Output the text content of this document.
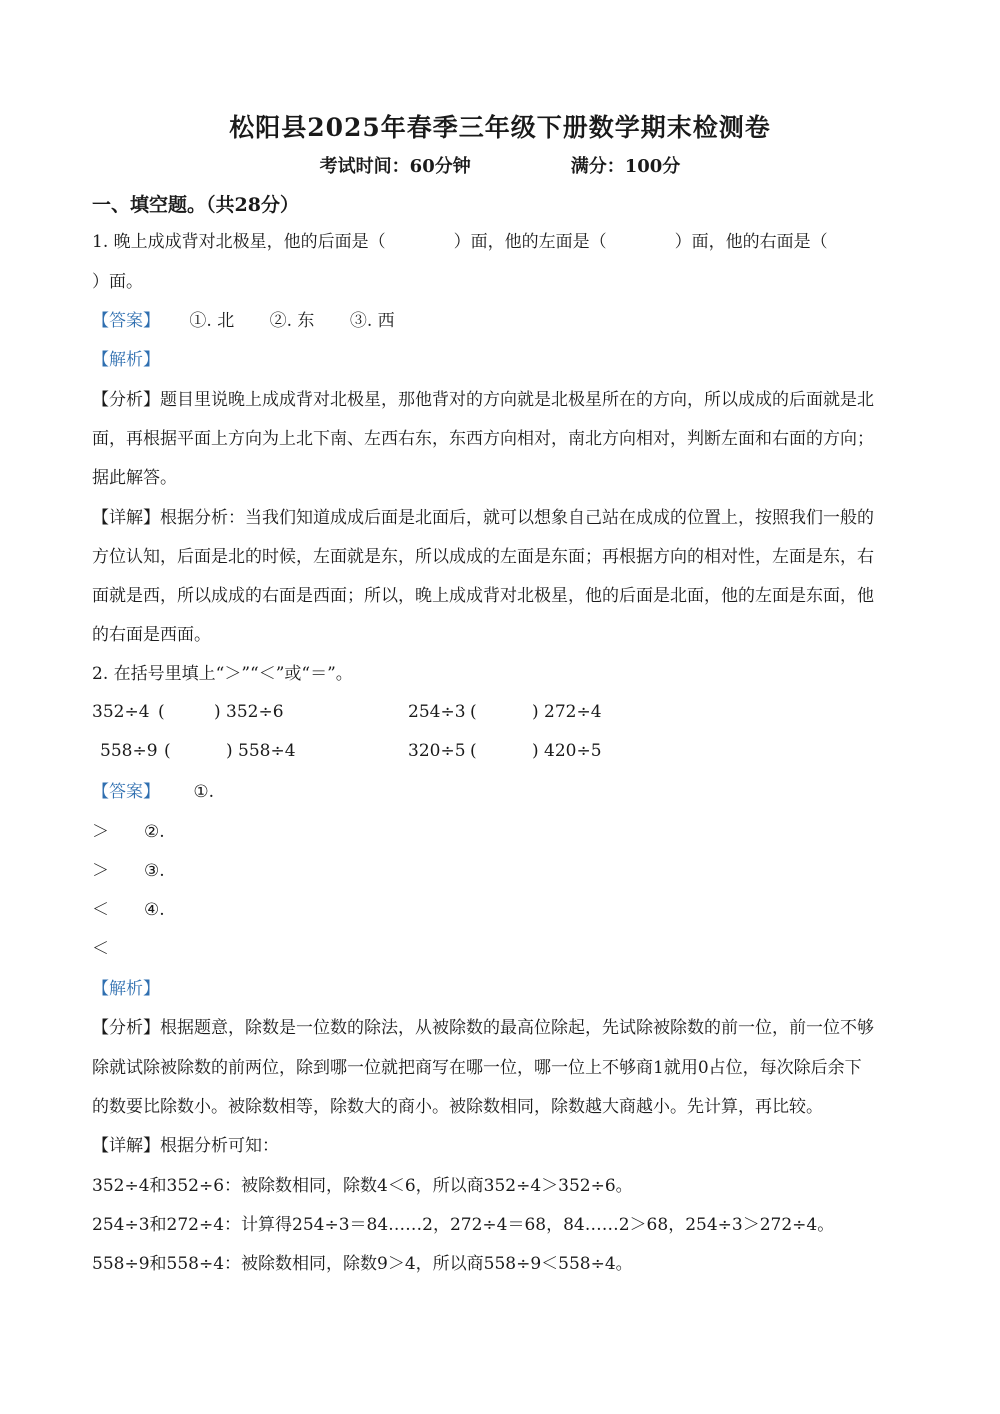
松阳县2025年春季三年级下册数学期末检测卷
考试时间：60分钟	满分：100分
一、填空题。（共28分）
1. 晚上成成背对北极星，他的后面是（　　　　）面，他的左面是（　　　　）面，他的右面是（
）面。
【答案】 ①. 北 ②. 东 ③. 西
【解析】
【分析】题目里说晚上成成背对北极星，那他背对的方向就是北极星所在的方向，所以成成的后面就是北
面，再根据平面上方向为上北下南、左西右东，东西方向相对，南北方向相对，判断左面和右面的方向；
据此解答。
【详解】根据分析：当我们知道成成后面是北面后，就可以想象自己站在成成的位置上，按照我们一般的
方位认知，后面是北的时候，左面就是东，所以成成的左面是东面；再根据方向的相对性，左面是东，右
面就是西，所以成成的右面是西面；所以，晚上成成背对北极星，他的后面是北面，他的左面是东面，他
的右面是西面。
2. 在括号里填上“＞”“＜”或“＝”。
352÷4 (	) 352÷6	254÷3 (	) 272÷4
558÷9 (	) 558÷4	320÷5 (	) 420÷5
【答案】 ①.
＞ ②.
＞ ③.
＜ ④.
＜
【解析】
【分析】根据题意，除数是一位数的除法，从被除数的最高位除起，先试除被除数的前一位，前一位不够
除就试除被除数的前两位，除到哪一位就把商写在哪一位，哪一位上不够商1就用0占位，每次除后余下
的数要比除数小。被除数相等，除数大的商小。被除数相同，除数越大商越小。先计算，再比较。
【详解】根据分析可知：
352÷4和352÷6：被除数相同，除数4＜6，所以商352÷4＞352÷6。
254÷3和272÷4：计算得254÷3＝84……2，272÷4＝68，84……2＞68，254÷3＞272÷4。
558÷9和558÷4：被除数相同，除数9＞4，所以商558÷9＜558÷4。
